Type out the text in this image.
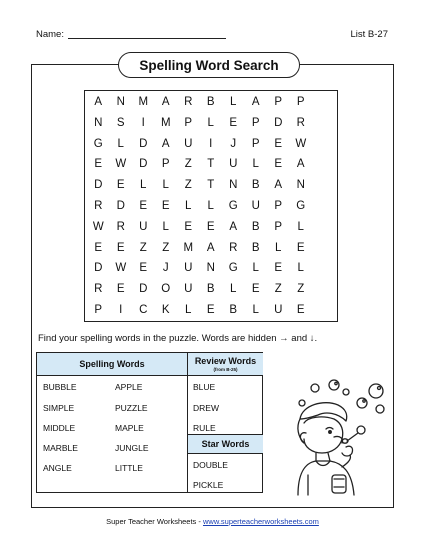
Name:	List B-27
Spelling Word Search
A	N	M	A	R	B	L	A	P	P
N	S	I	M	P	L	E	P	D	R
G	L	D	A	U	I	J	P	E	W
E	W	D	P	Z	T	U	L	E	A
D	E	L	L	Z	T	N	B	A	N
R	D	E	E	L	L	G	U	P	G
W	R	U	L	E	E	A	B	P	L
E	E	Z	Z	M	A	R	B	L	E
D	W	E	J	U	N	G	L	E	L
R	E	D	O	U	B	L	E	Z	Z
P	I	C	K	L	E	B	L	U	E
Find your spelling words in the puzzle. Words are hidden → and ↓.
Spelling Words	Review Words
(from B-25)
Star Words
BUBBLE	APPLE
SIMPLE	PUZZLE
MIDDLE	MAPLE
MARBLE	JUNGLE
ANGLE	LITTLE
BLUE
DREW
RULE
DOUBLE
PICKLE
Super Teacher Worksheets - www.superteacherworksheets.com
